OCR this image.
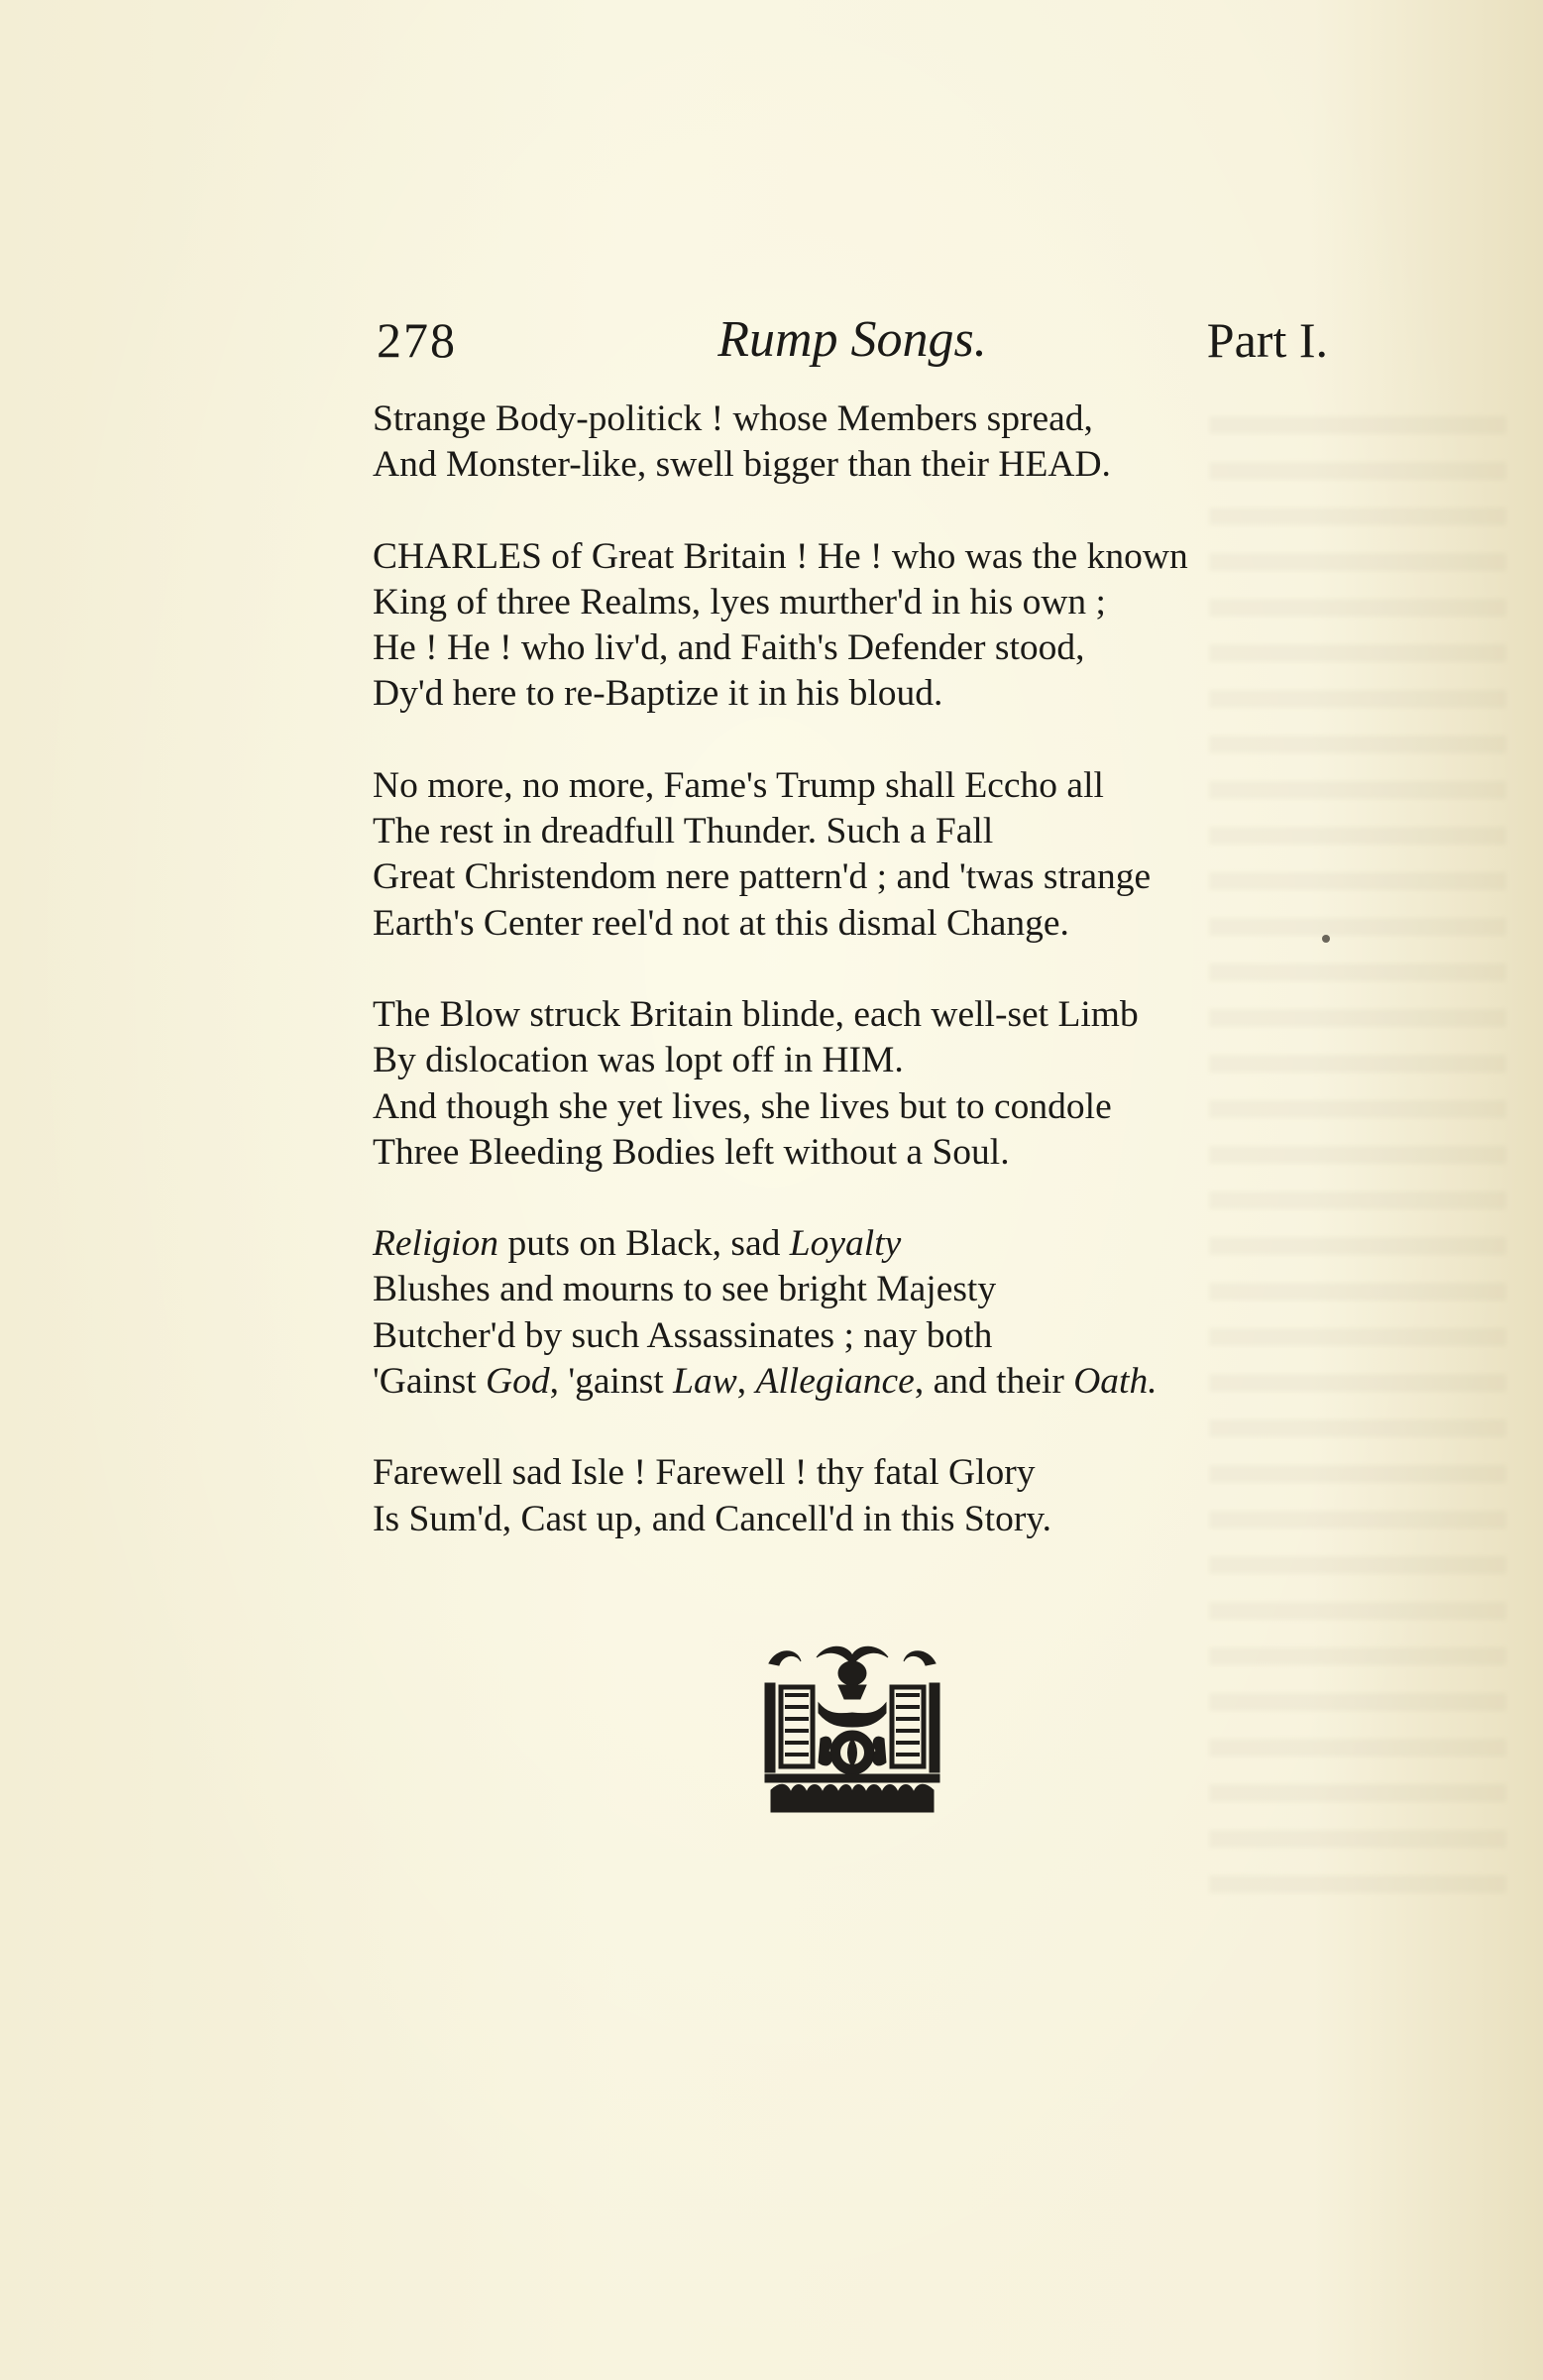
278	Rump Songs.	Part I.
Strange Body-politick ! whose Members spread,
And Monster-like, swell bigger than their HEAD.
CHARLES of Great Britain ! He ! who was the known
King of three Realms, lyes murther'd in his own ;
He ! He ! who liv'd, and Faith's Defender stood,
Dy'd here to re-Baptize it in his bloud.
No more, no more, Fame's Trump shall Eccho all
The rest in dreadfull Thunder. Such a Fall
Great Christendom nere pattern'd ; and 'twas strange
Earth's Center reel'd not at this dismal Change.
The Blow struck Britain blinde, each well-set Limb
By dislocation was lopt off in HIM.
And though she yet lives, she lives but to condole
Three Bleeding Bodies left without a Soul.
Religion puts on Black, sad Loyalty
Blushes and mourns to see bright Majesty
Butcher'd by such Assassinates ; nay both
'Gainst God, 'gainst Law, Allegiance, and their Oath.
Farewell sad Isle ! Farewell ! thy fatal Glory
Is Sum'd, Cast up, and Cancell'd in this Story.
